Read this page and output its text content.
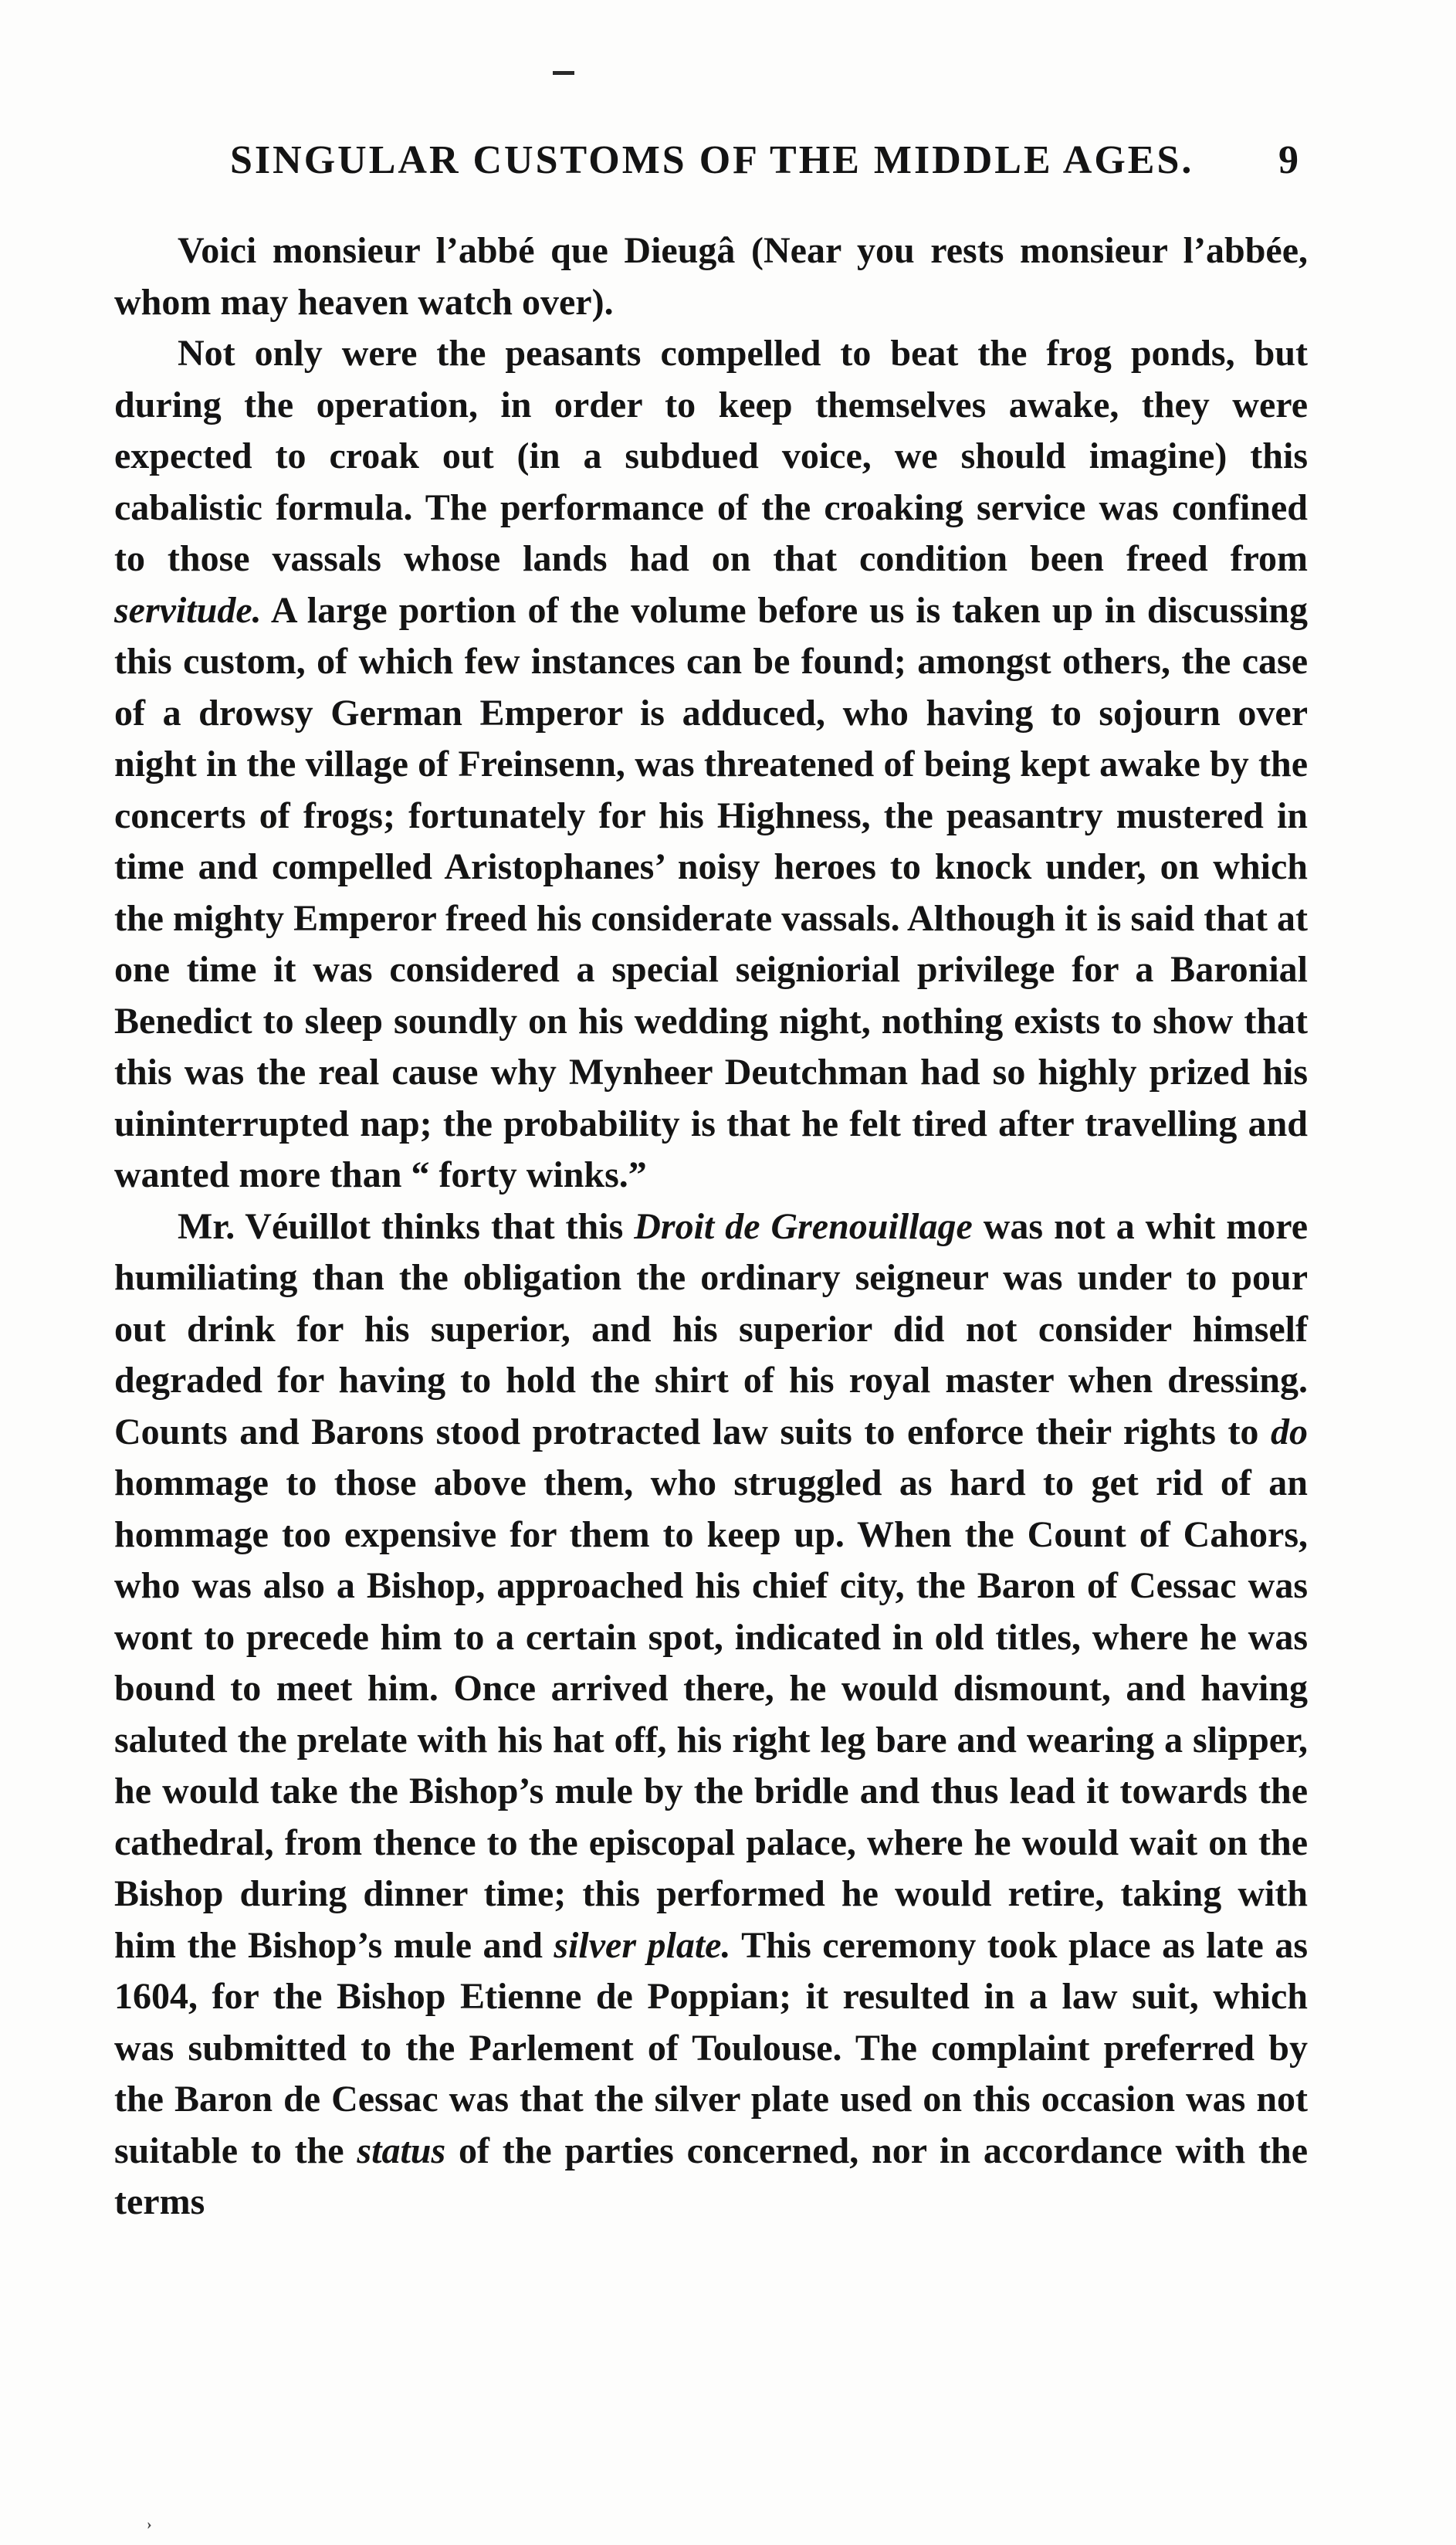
SINGULAR CUSTOMS OF THE MIDDLE AGES. 9

Voici monsieur l’abbé que Dieugâ (Near you rests monsieur l’abbée, whom may heaven watch over).

Not only were the peasants compelled to beat the frog ponds, but during the operation, in order to keep themselves awake, they were expected to croak out (in a subdued voice, we should imagine) this cabalistic formula. The performance of the croaking service was confined to those vassals whose lands had on that condition been freed from servitude. A large portion of the volume before us is taken up in discussing this custom, of which few instances can be found; amongst others, the case of a drowsy German Emperor is adduced, who having to sojourn over night in the village of Freinsenn, was threatened of being kept awake by the concerts of frogs; fortunately for his Highness, the peasantry mustered in time and compelled Aristophanes’ noisy heroes to knock under, on which the mighty Emperor freed his considerate vassals. Although it is said that at one time it was considered a special seigniorial privilege for a Baronial Benedict to sleep soundly on his wedding night, nothing exists to show that this was the real cause why Mynheer Deutchman had so highly prized his uininterrupted nap; the probability is that he felt tired after travelling and wanted more than “ forty winks.”

Mr. Véuillot thinks that this Droit de Grenouillage was not a whit more humiliating than the obligation the ordinary seigneur was under to pour out drink for his superior, and his superior did not consider himself degraded for having to hold the shirt of his royal master when dressing. Counts and Barons stood protracted law suits to enforce their rights to do hommage to those above them, who struggled as hard to get rid of an hommage too expensive for them to keep up. When the Count of Cahors, who was also a Bishop, approached his chief city, the Baron of Cessac was wont to precede him to a certain spot, indicated in old titles, where he was bound to meet him. Once arrived there, he would dismount, and having saluted the prelate with his hat off, his right leg bare and wearing a slipper, he would take the Bishop’s mule by the bridle and thus lead it towards the cathedral, from thence to the episcopal palace, where he would wait on the Bishop during dinner time; this performed he would retire, taking with him the Bishop’s mule and silver plate. This ceremony took place as late as 1604, for the Bishop Etienne de Poppian; it resulted in a law suit, which was submitted to the Parlement of Toulouse. The complaint preferred by the Baron de Cessac was that the silver plate used on this occasion was not suitable to the status of the parties concerned, nor in accordance with the terms

›
